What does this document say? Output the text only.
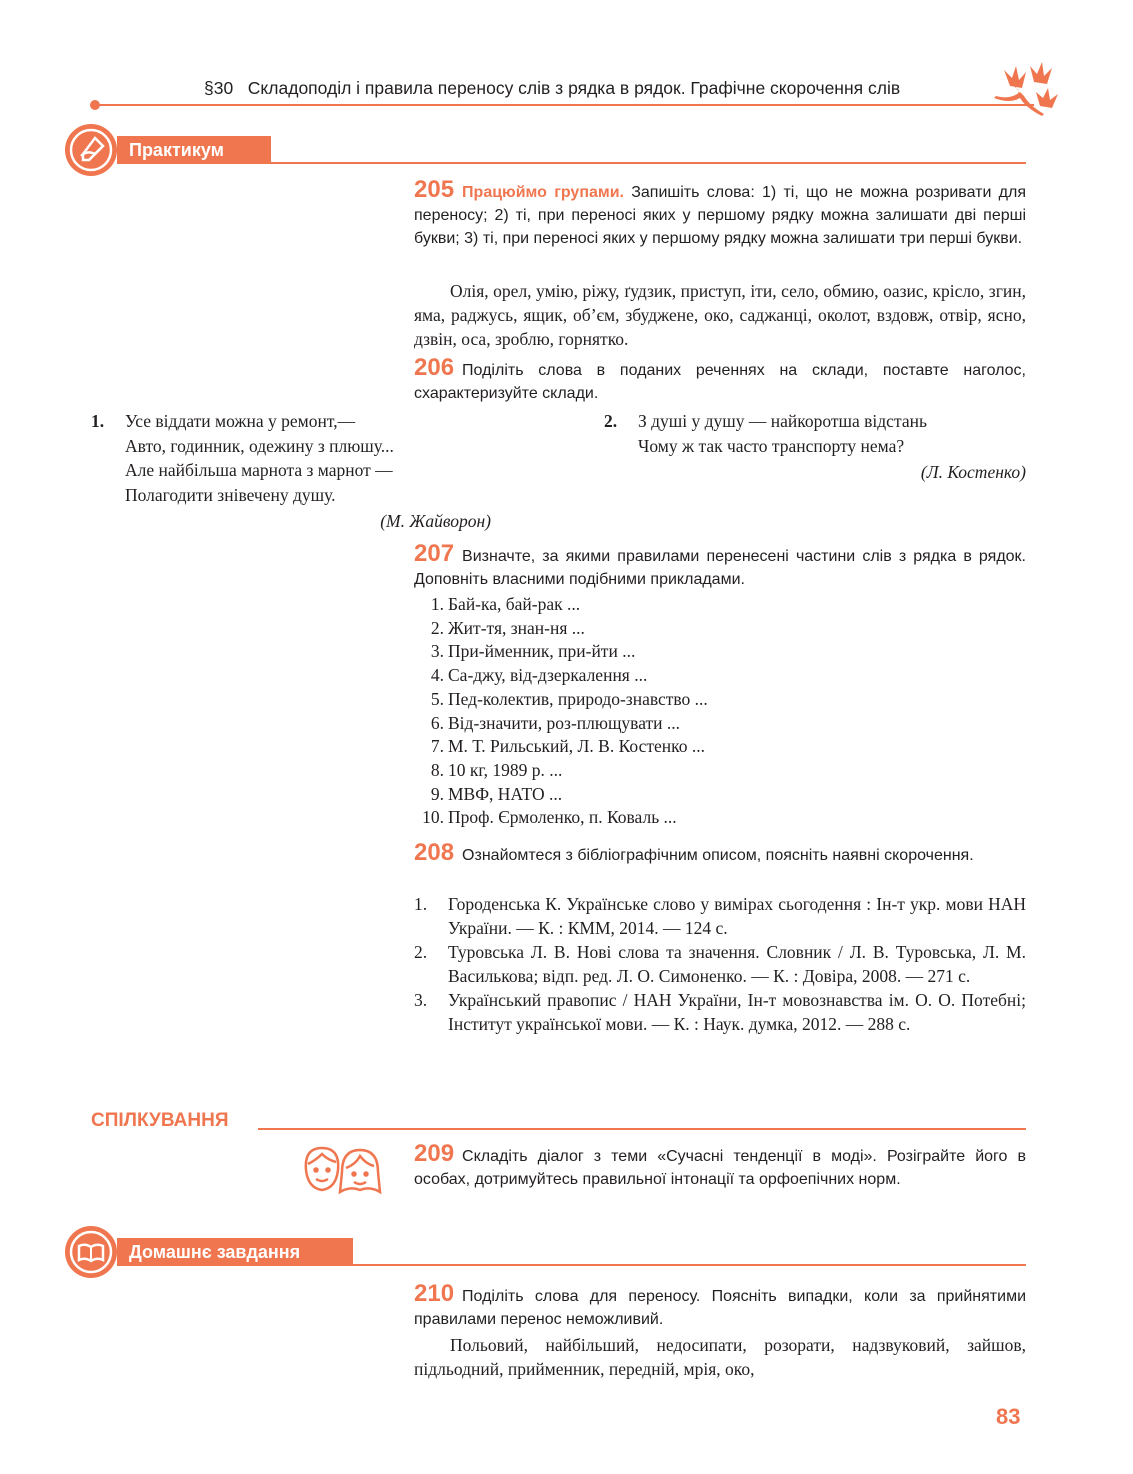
§30 Складоподіл і правила переносу слів з рядка в рядок. Графічне скорочення слів
Практикум
205 Працюймо групами. Запишіть слова: 1) ті, що не можна розривати для переносу; 2) ті, при переносі яких у першому рядку можна залишати дві перші букви; 3) ті, при переносі яких у першому рядку можна залишати три перші букви.
Олія, орел, умію, ріжу, ґудзик, приступ, іти, село, обмию, оазис, крісло, згин, яма, раджусь, ящик, об’єм, збуджене, око, саджанці, околот, вздовж, отвір, ясно, дзвін, оса, зроблю, горнятко.
206 Поділіть слова в поданих реченнях на склади, поставте наголос, схарактеризуйте склади.
1. Усе віддати можна у ремонт,—
Авто, годинник, одежину з плюшу...
Але найбільша марнота з марнот —
Полагодити знівечену душу.
(М. Жайворон)
2. З душі у душу — найкоротша відстань
Чому ж так часто транспорту нема?
(Л. Костенко)
207 Визначте, за якими правилами перенесені частини слів з рядка в рядок. Доповніть власними подібними прикладами.
1. Бай-ка, бай-рак ...
2. Жит-тя, знан-ня ...
3. При-йменник, при-йти ...
4. Са-джу, від-дзеркалення ...
5. Пед-колектив, природо-знавство ...
6. Від-значити, роз-плющувати ...
7. М. Т. Рильський, Л. В. Костенко ...
8. 10 кг, 1989 р. ...
9. МВФ, НАТО ...
10. Проф. Єрмоленко, п. Коваль ...
208 Ознайомтеся з бібліографічним описом, поясніть наявні скорочення.
1. Городенська К. Українське слово у вимірах сьогодення : Ін-т укр. мови НАН України. — К. : КММ, 2014. — 124 с.
2. Туровська Л. В. Нові слова та значення. Словник / Л. В. Туровська, Л. М. Василькова; відп. ред. Л. О. Симоненко. — К. : Довіра, 2008. — 271 с.
3. Український правопис / НАН України, Ін-т мовознавства ім. О. О. Потебні; Інститут української мови. — К. : Наук. думка, 2012. — 288 с.
СПІЛКУВАННЯ
209 Складіть діалог з теми «Сучасні тенденції в моді». Розіграйте його в особах, дотримуйтесь правильної інтонації та орфоепічних норм.
Домашнє завдання
210 Поділіть слова для переносу. Поясніть випадки, коли за прийнятими правилами перенос неможливий.
Польовий, найбільший, недосипати, розорати, надзвуковий, зайшов, підльодний, прийменник, передній, мрія, око,
83
